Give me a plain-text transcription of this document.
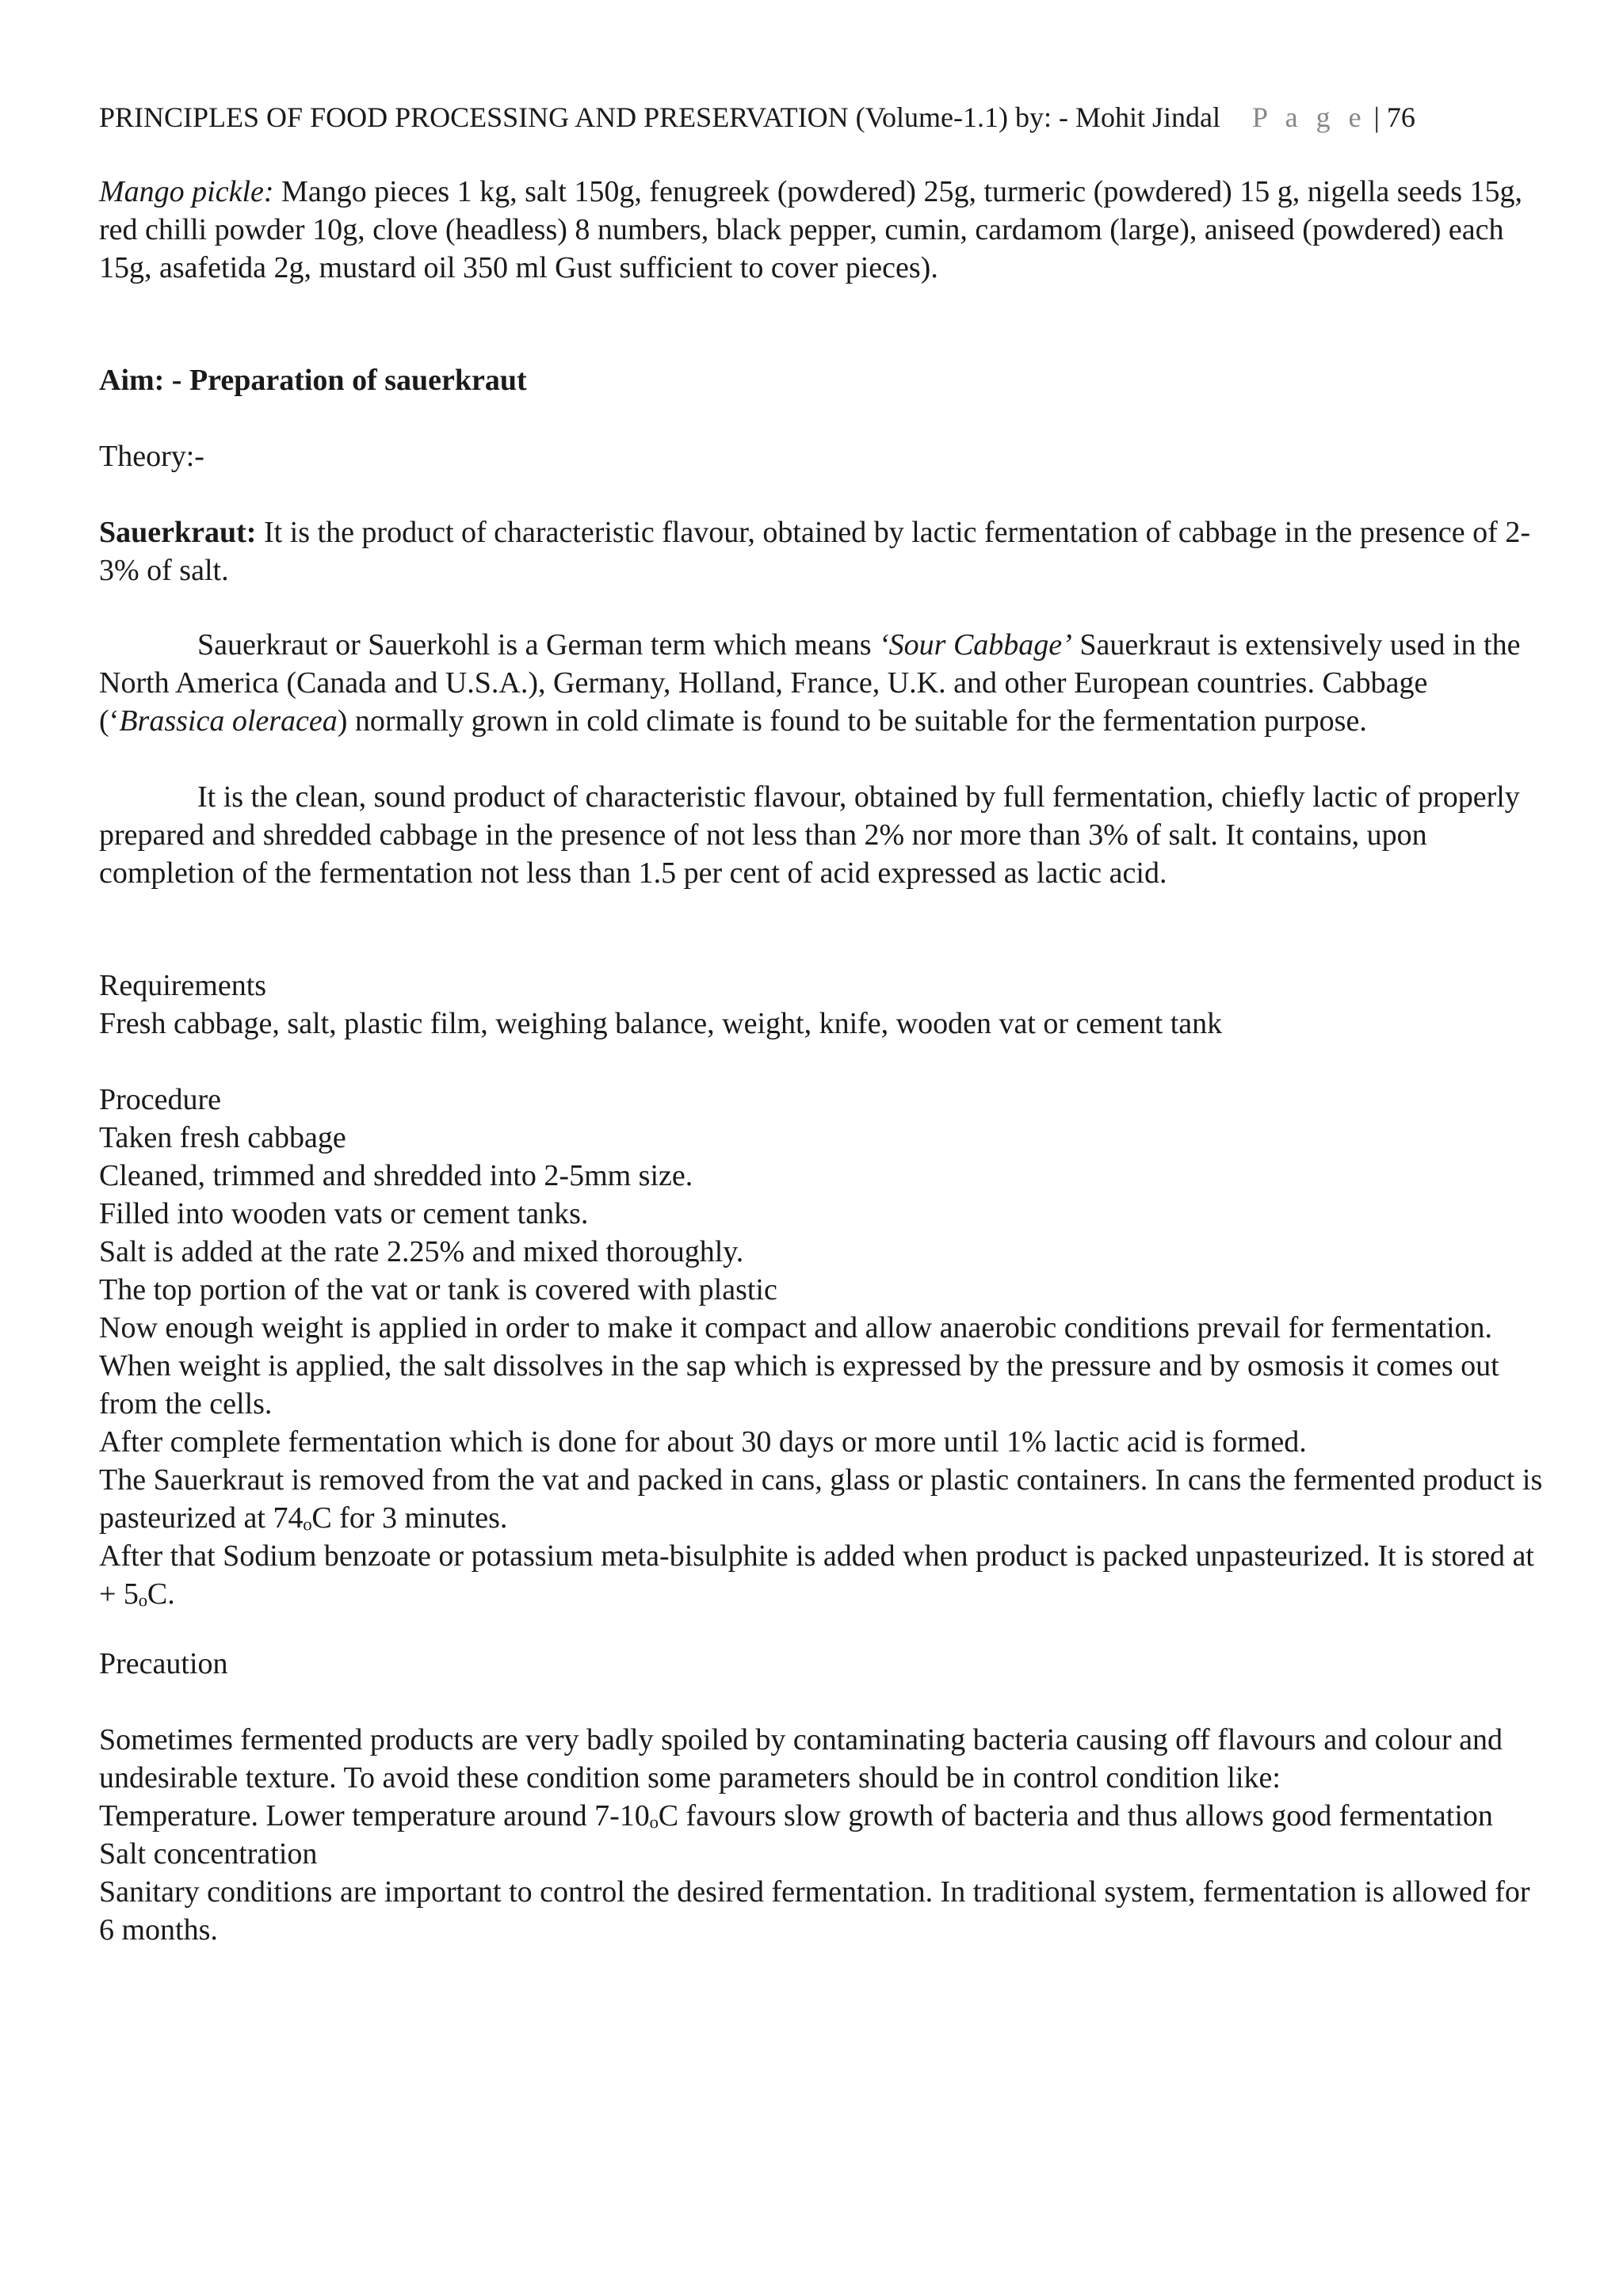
PRINCIPLES OF FOOD PROCESSING AND PRESERVATION (Volume-1.1) by: - Mohit Jindal P a g e | 76

Mango pickle: Mango pieces 1 kg, salt 150g, fenugreek (powdered) 25g, turmeric (powdered) 15 g, nigella seeds 15g, red chilli powder 10g, clove (headless) 8 numbers, black pepper, cumin, cardamom (large), aniseed (powdered) each 15g, asafetida 2g, mustard oil 350 ml Gust sufficient to cover pieces).

Aim: - Preparation of sauerkraut

Theory:-

Sauerkraut: It is the product of characteristic flavour, obtained by lactic fermentation of cabbage in the presence of 2-3% of salt.

Sauerkraut or Sauerkohl is a German term which means ‘Sour Cabbage’ Sauerkraut is extensively used in the North America (Canada and U.S.A.), Germany, Holland, France, U.K. and other European countries. Cabbage (‘Brassica oleracea) normally grown in cold climate is found to be suitable for the fermentation purpose.

It is the clean, sound product of characteristic flavour, obtained by full fermentation, chiefly lactic of properly prepared and shredded cabbage in the presence of not less than 2% nor more than 3% of salt. It contains, upon completion of the fermentation not less than 1.5 per cent of acid expressed as lactic acid.

Requirements

Fresh cabbage, salt, plastic film, weighing balance, weight, knife, wooden vat or cement tank

Procedure

Taken fresh cabbage

Cleaned, trimmed and shredded into 2-5mm size.

Filled into wooden vats or cement tanks.

Salt is added at the rate 2.25% and mixed thoroughly.

The top portion of the vat or tank is covered with plastic

Now enough weight is applied in order to make it compact and allow anaerobic conditions prevail for fermentation. When weight is applied, the salt dissolves in the sap which is expressed by the pressure and by osmosis it comes out from the cells.

After complete fermentation which is done for about 30 days or more until 1% lactic acid is formed.

The Sauerkraut is removed from the vat and packed in cans, glass or plastic containers. In cans the fermented product is pasteurized at 74ₒC for 3 minutes.

After that Sodium benzoate or potassium meta-bisulphite is added when product is packed unpasteurized. It is stored at + 5ₒC.

Precaution

Sometimes fermented products are very badly spoiled by contaminating bacteria causing off flavours and colour and undesirable texture. To avoid these condition some parameters should be in control condition like:

Temperature. Lower temperature around 7-10ₒC favours slow growth of bacteria and thus allows good fermentation

Salt concentration

Sanitary conditions are important to control the desired fermentation. In traditional system, fermentation is allowed for 6 months.
